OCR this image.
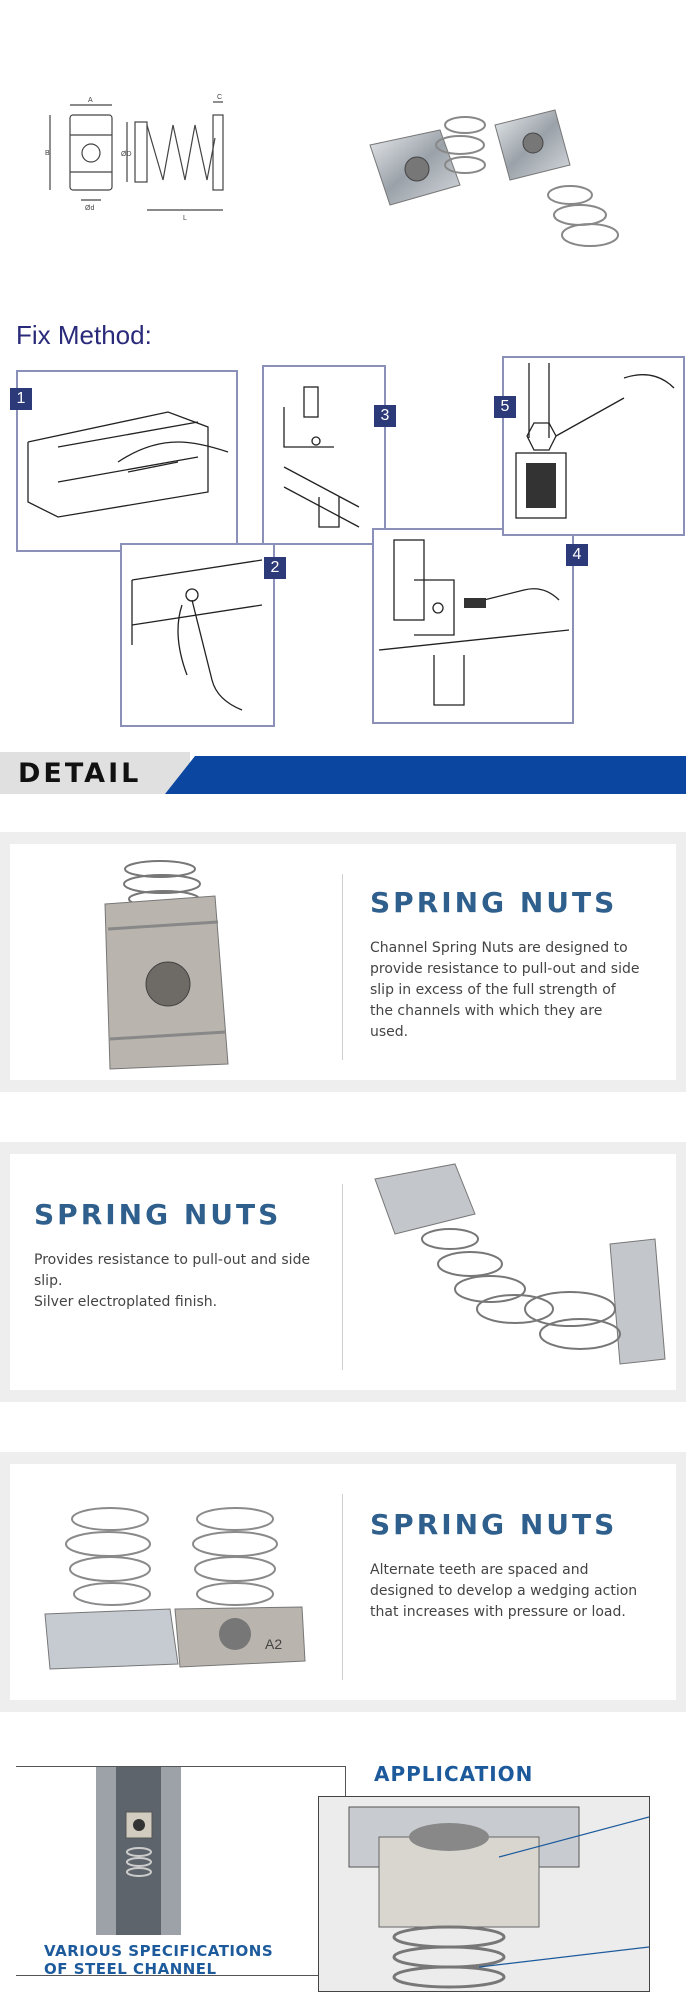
A	C
B	ØD
Ød
L
Fix Method:
1
2
3
4
5
DETAIL
SPRING NUTS
Channel Spring Nuts are designed to provide resistance to pull-out and side slip in excess of the full strength of the channels with which they are used.
SPRING NUTS
Provides resistance to pull-out and side slip.
Silver electroplated finish.
A2
SPRING NUTS
Alternate teeth are spaced and designed to develop a wedging action that increases with pressure or load.
VARIOUS SPECIFICATIONS
OF STEEL CHANNEL
APPLICATION
